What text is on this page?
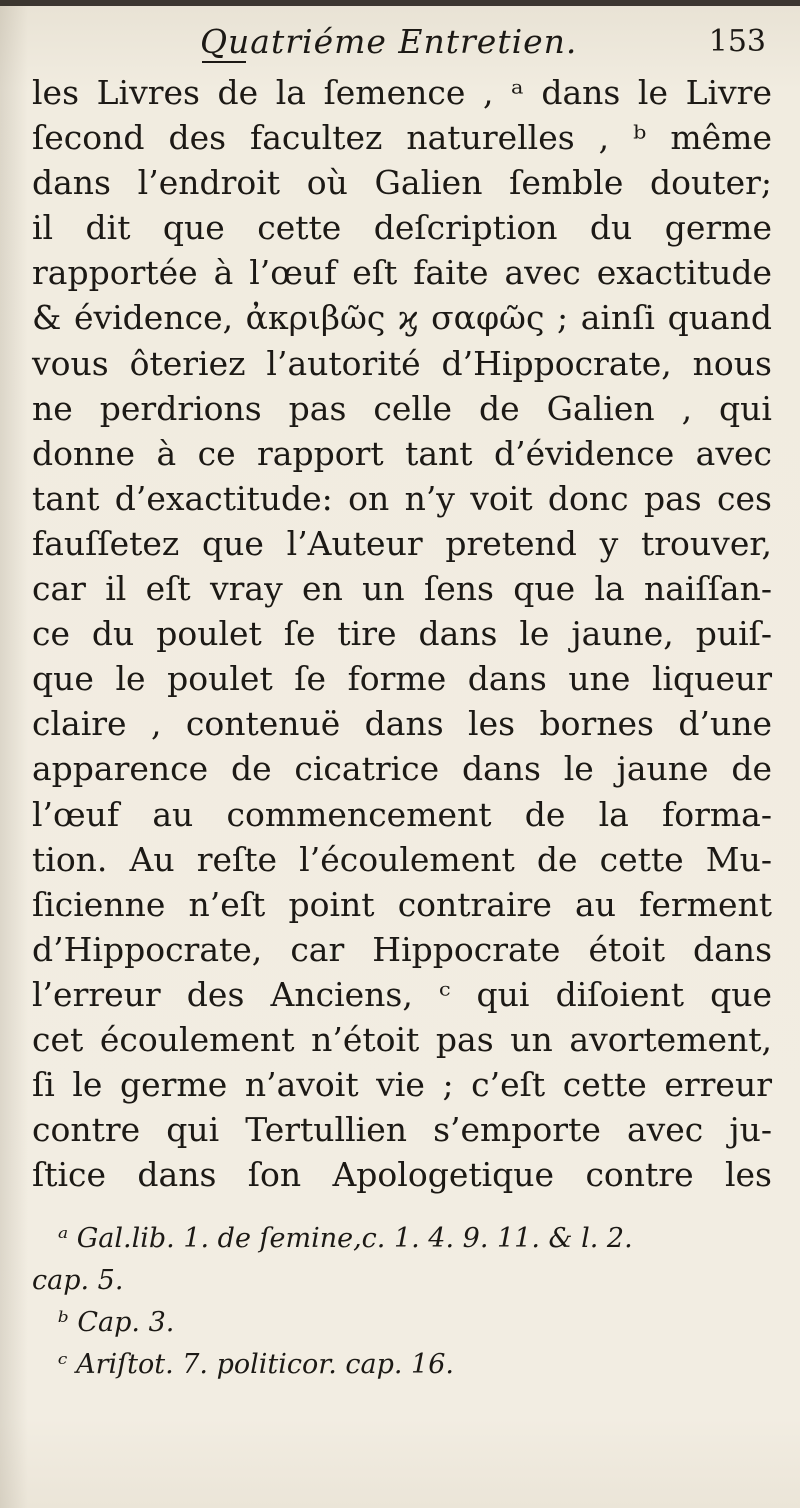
Quatriéme Entretien.	153
les Livres de la ſemence , ᵃ dans le Livre
ſecond des facultez naturelles , ᵇ même
dans l’endroit où Galien ſemble douter;
il dit que cette deſcription du germe
rapportée à l’œuf eſt faite avec exactitude
& évidence, ἀκριβῶς ϗ σαφῶς ; ainſi quand
vous ôteriez l’autorité d’Hippocrate, nous
ne perdrions pas celle de Galien , qui
donne à ce rapport tant d’évidence avec
tant d’exactitude: on n’y voit donc pas ces
fauſſetez que l’Auteur pretend y trouver,
car il eſt vray en un ſens que la naiſſan-
ce du poulet ſe tire dans le jaune, puiſ-
que le poulet ſe forme dans une liqueur
claire , contenuë dans les bornes d’une
apparence de cicatrice dans le jaune de
l’œuf au commencement de la forma-
tion. Au reſte l’écoulement de cette Mu-
ſicienne n’eſt point contraire au ferment
d’Hippocrate, car Hippocrate étoit dans
l’erreur des Anciens, ᶜ qui diſoient que
cet écoulement n’étoit pas un avortement,
ſi le germe n’avoit vie ; c’eſt cette erreur
contre qui Tertullien s’emporte avec ju-
ſtice dans ſon Apologetique contre les
ᵃ Gal.lib. 1. de ſemine,c. 1. 4. 9. 11. & l. 2.
cap. 5.
ᵇ Cap. 3.
ᶜ Ariſtot. 7. politicor. cap. 16.
